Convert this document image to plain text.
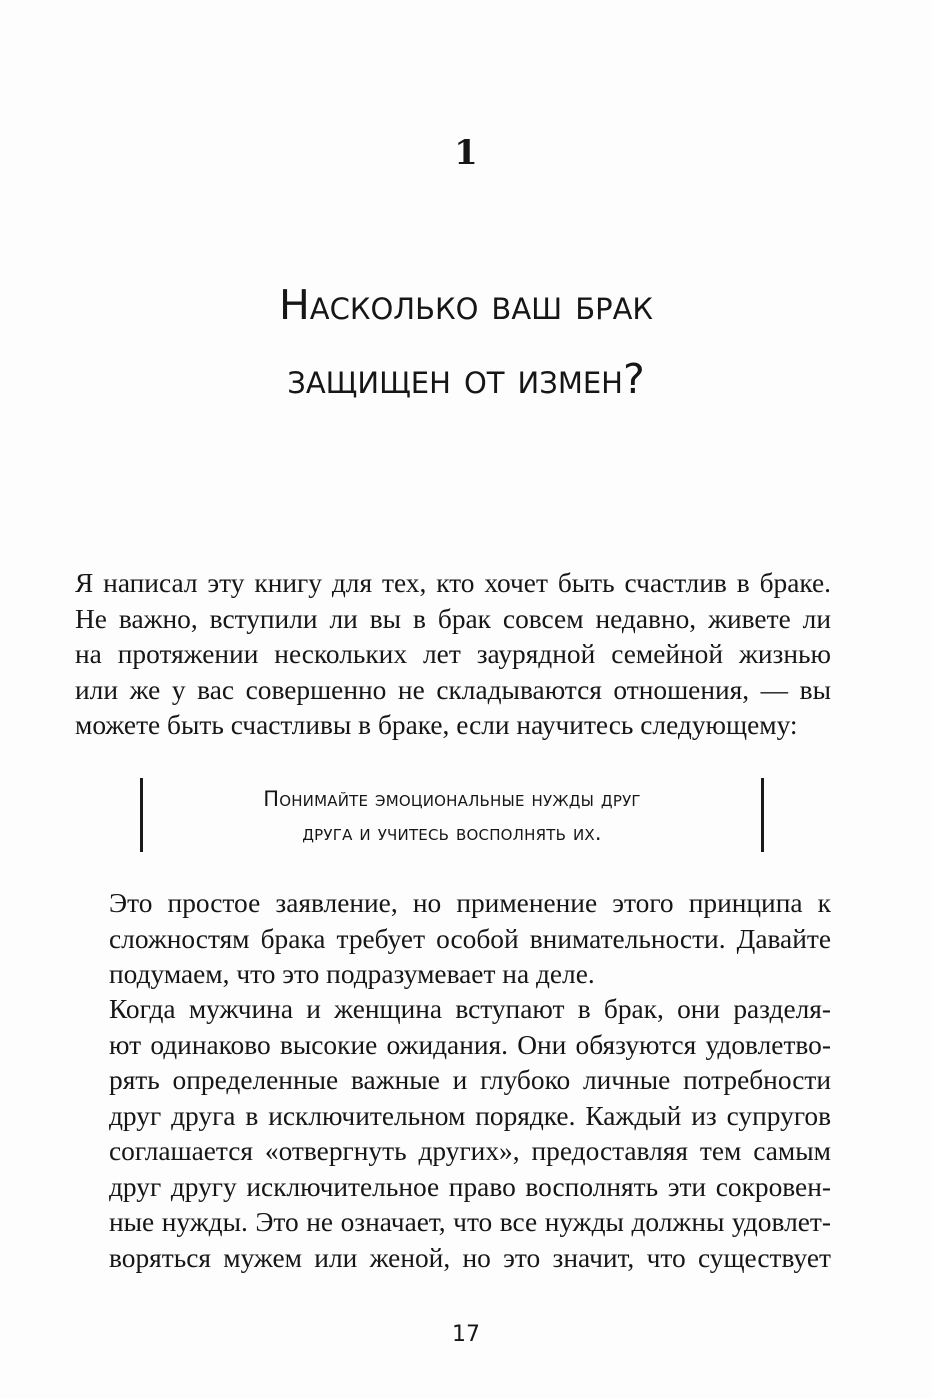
1
Насколько ваш брак
защищен от измен?

Я написал эту книгу для тех, кто хочет быть счастлив в браке.
Не важно, вступили ли вы в брак совсем недавно, живете ли
на протяжении нескольких лет заурядной семейной жизнью
или же у вас совершенно не складываются отношения, — вы
можете быть счастливы в браке, если научитесь следующему:

Понимайте эмоциональные нужды друг
друга и учитесь восполнять их.

Это простое заявление, но применение этого принципа к
сложностям брака требует особой внимательности. Давайте
подумаем, что это подразумевает на деле.

Когда мужчина и женщина вступают в брак, они разделя-
ют одинаково высокие ожидания. Они обязуются удовлетво-
рять определенные важные и глубоко личные потребности
друг друга в исключительном порядке. Каждый из супругов
соглашается «отвергнуть других», предоставляя тем самым
друг другу исключительное право восполнять эти сокровен-
ные нужды. Это не означает, что все нужды должны удовлет-
воряться мужем или женой, но это значит, что существует

17
